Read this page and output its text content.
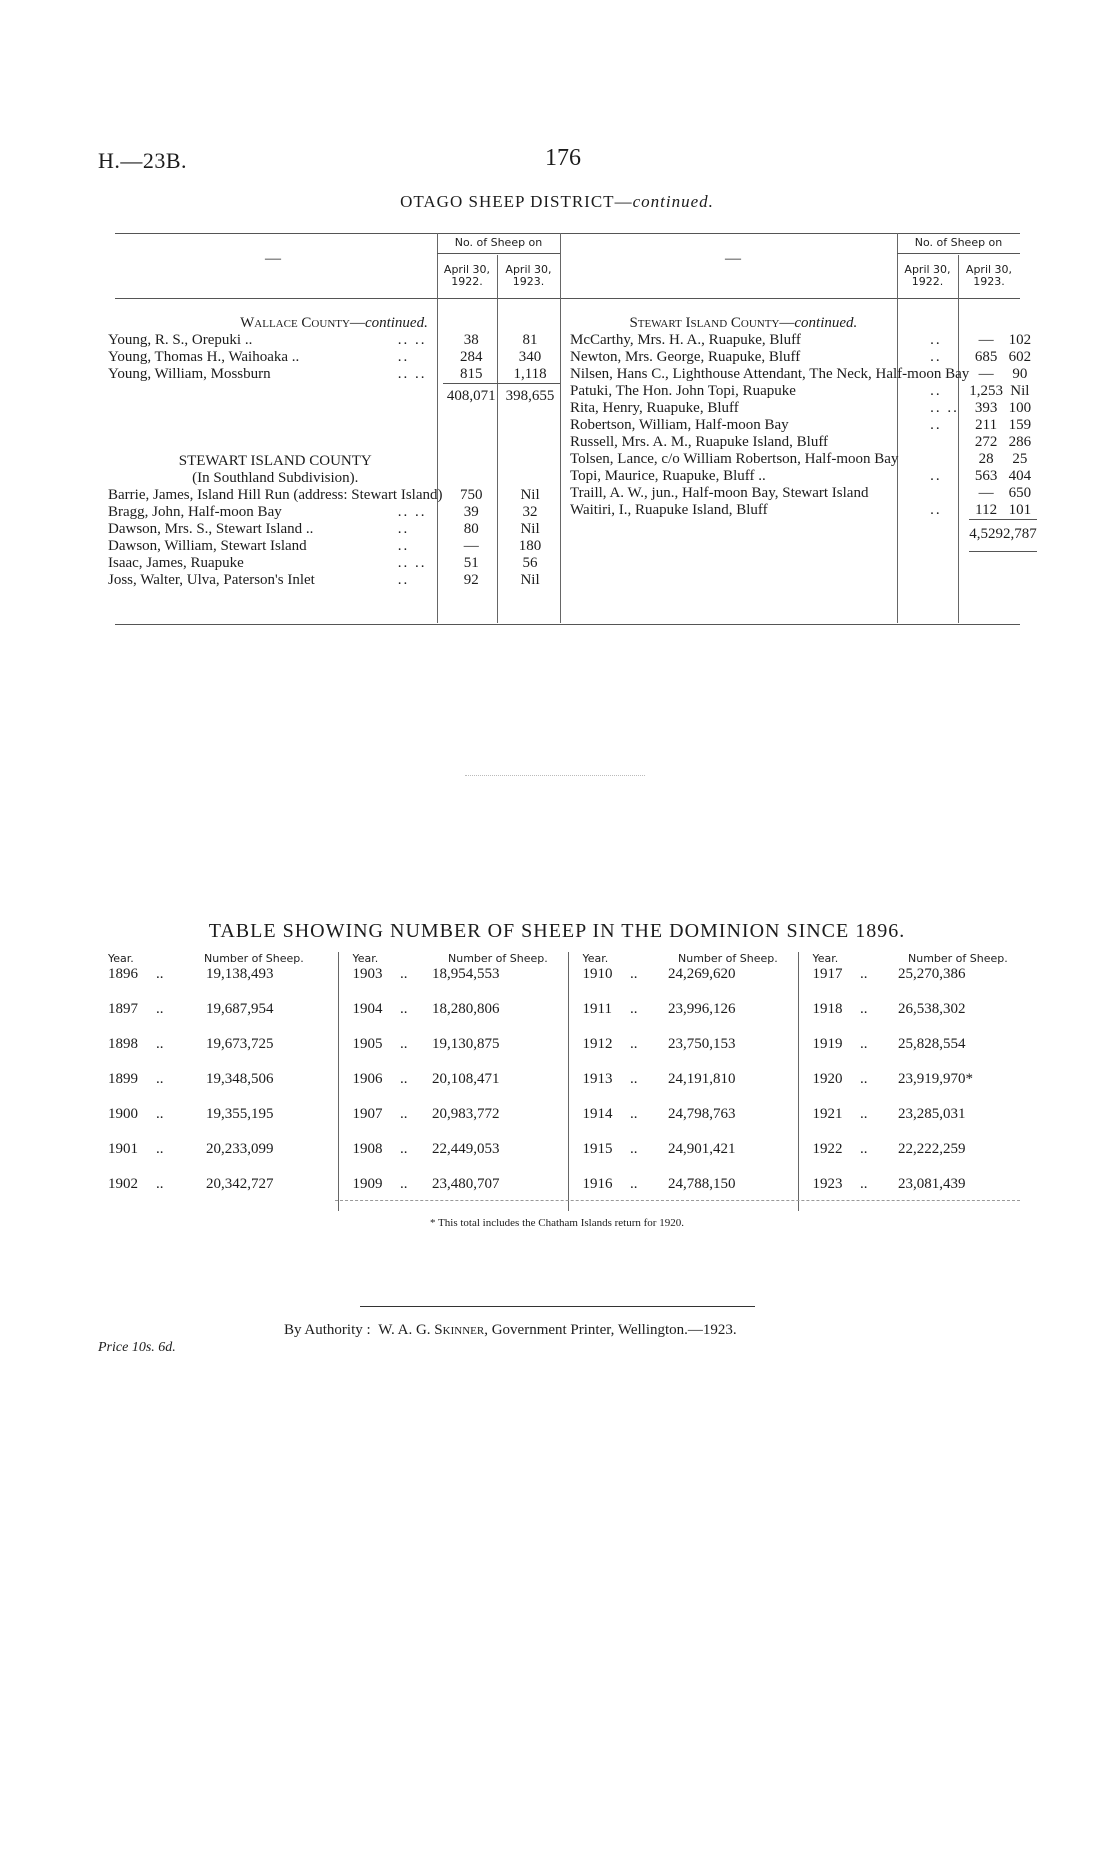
H.—23B.	176
OTAGO SHEEP DISTRICT—continued.
—
No. of Sheep on
April 30, 1922.
April 30, 1923.
—
No. of Sheep on
April 30, 1922.
April 30, 1923.
Wallace County—continued.			
Young, R. S., Orepuki ..	.. ..	38	81
Young, Thomas H., Waihoaka ..	..	284	340
Young, William, Mossburn	.. ..	815	1,118
		408,071	398,655

STEWART ISLAND COUNTY			
(In Southland Subdivision).			
Barrie, James, Island Hill Run (address: Stewart Island)		750	Nil
Bragg, John, Half-moon Bay	.. ..	39	32
Dawson, Mrs. S., Stewart Island ..	..	80	Nil
Dawson, William, Stewart Island	..	—	180
Isaac, James, Ruapuke	.. ..	51	56
Joss, Walter, Ulva, Paterson's Inlet	..	92	Nil
Stewart Island County—continued.			
McCarthy, Mrs. H. A., Ruapuke, Bluff	..	—	102
Newton, Mrs. George, Ruapuke, Bluff	..	685	602
Nilsen, Hans C., Lighthouse Attendant, The Neck, Half-moon Bay		—	90
Patuki, The Hon. John Topi, Ruapuke	..	1,253	Nil
Rita, Henry, Ruapuke, Bluff	.. ..	393	100
Robertson, William, Half-moon Bay	..	211	159
Russell, Mrs. A. M., Ruapuke Island, Bluff		272	286
Tolsen, Lance, c/o William Robertson, Half-moon Bay		28	25
Topi, Maurice, Ruapuke, Bluff ..	..	563	404
Traill, A. W., jun., Half-moon Bay, Stewart Island		—	650
Waitiri, I., Ruapuke Island, Bluff	..	112	101
		4,529	2,787
TABLE SHOWING NUMBER OF SHEEP IN THE DOMINION SINCE 1896.
Year.		Number of Sheep.	Year.		Number of Sheep.	Year.		Number of Sheep.	Year.		Number of Sheep.
1896	..	19,138,493	1903	..	18,954,553	1910	..	24,269,620	1917	..	25,270,386
1897	..	19,687,954	1904	..	18,280,806	1911	..	23,996,126	1918	..	26,538,302
1898	..	19,673,725	1905	..	19,130,875	1912	..	23,750,153	1919	..	25,828,554
1899	..	19,348,506	1906	..	20,108,471	1913	..	24,191,810	1920	..	23,919,970*
1900	..	19,355,195	1907	..	20,983,772	1914	..	24,798,763	1921	..	23,285,031
1901	..	20,233,099	1908	..	22,449,053	1915	..	24,901,421	1922	..	22,222,259
1902	..	20,342,727	1909	..	23,480,707	1916	..	24,788,150	1923	..	23,081,439
* This total includes the Chatham Islands return for 1920.
Price 10s. 6d.
By Authority : W. A. G. Skinner, Government Printer, Wellington.—1923.
